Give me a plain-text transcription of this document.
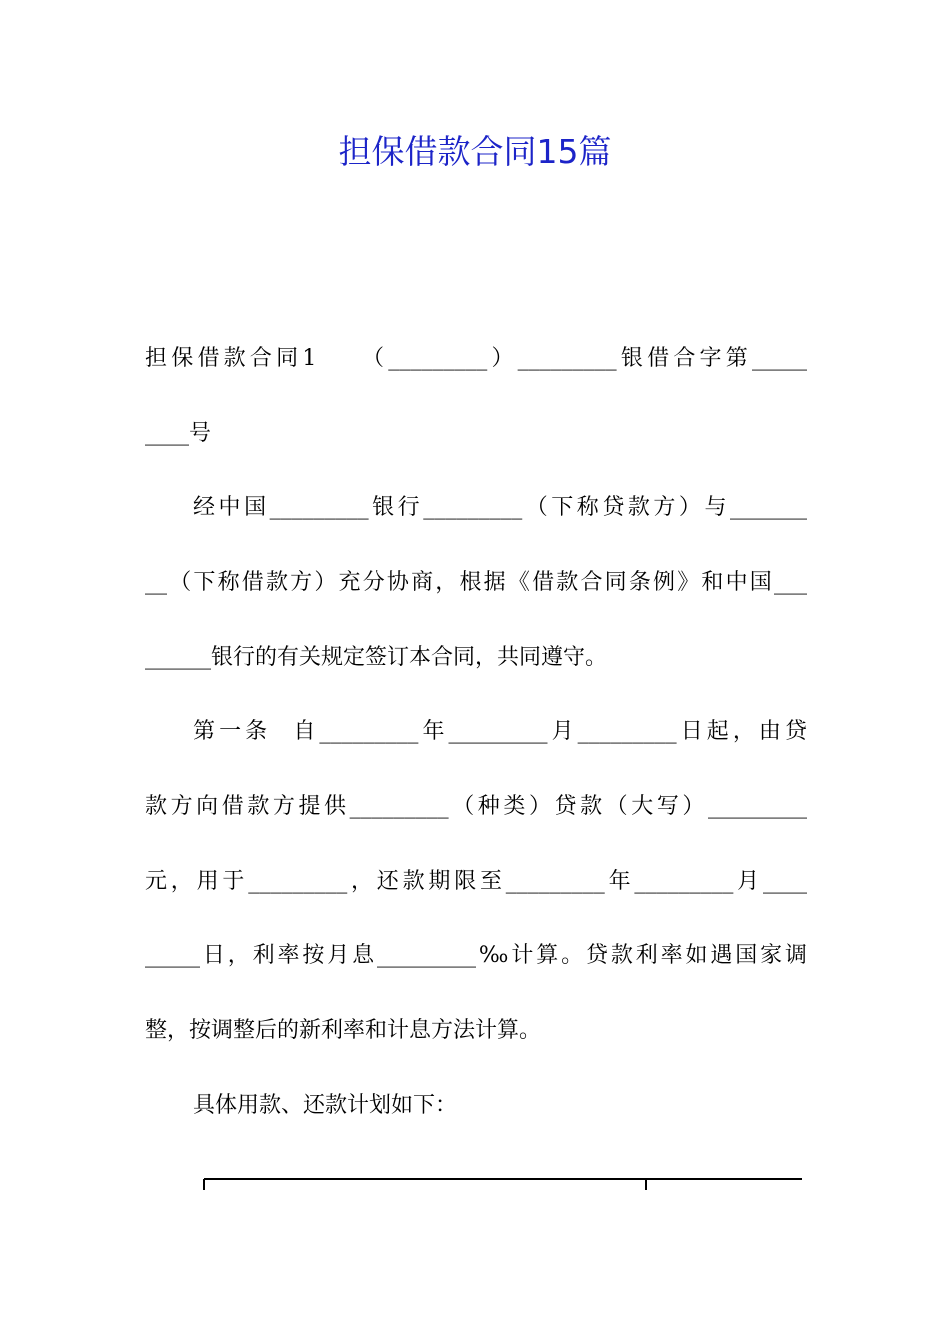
担保借款合同15篇
担保借款合同1　　（_________）_________银借合字第_____
____号
经中国_________银行_________（下称贷款方）与_______
__（下称借款方）充分协商，根据《借款合同条例》和中国___
______银行的有关规定签订本合同，共同遵守。
第一条  自_________年_________月_________日起，由贷
款方向借款方提供_________（种类）贷款（大写）_________
元，用于_________，还款期限至_________年_________月____
_____日，利率按月息_________‰计算。贷款利率如遇国家调
整，按调整后的新利率和计息方法计算。
具体用款、还款计划如下：
